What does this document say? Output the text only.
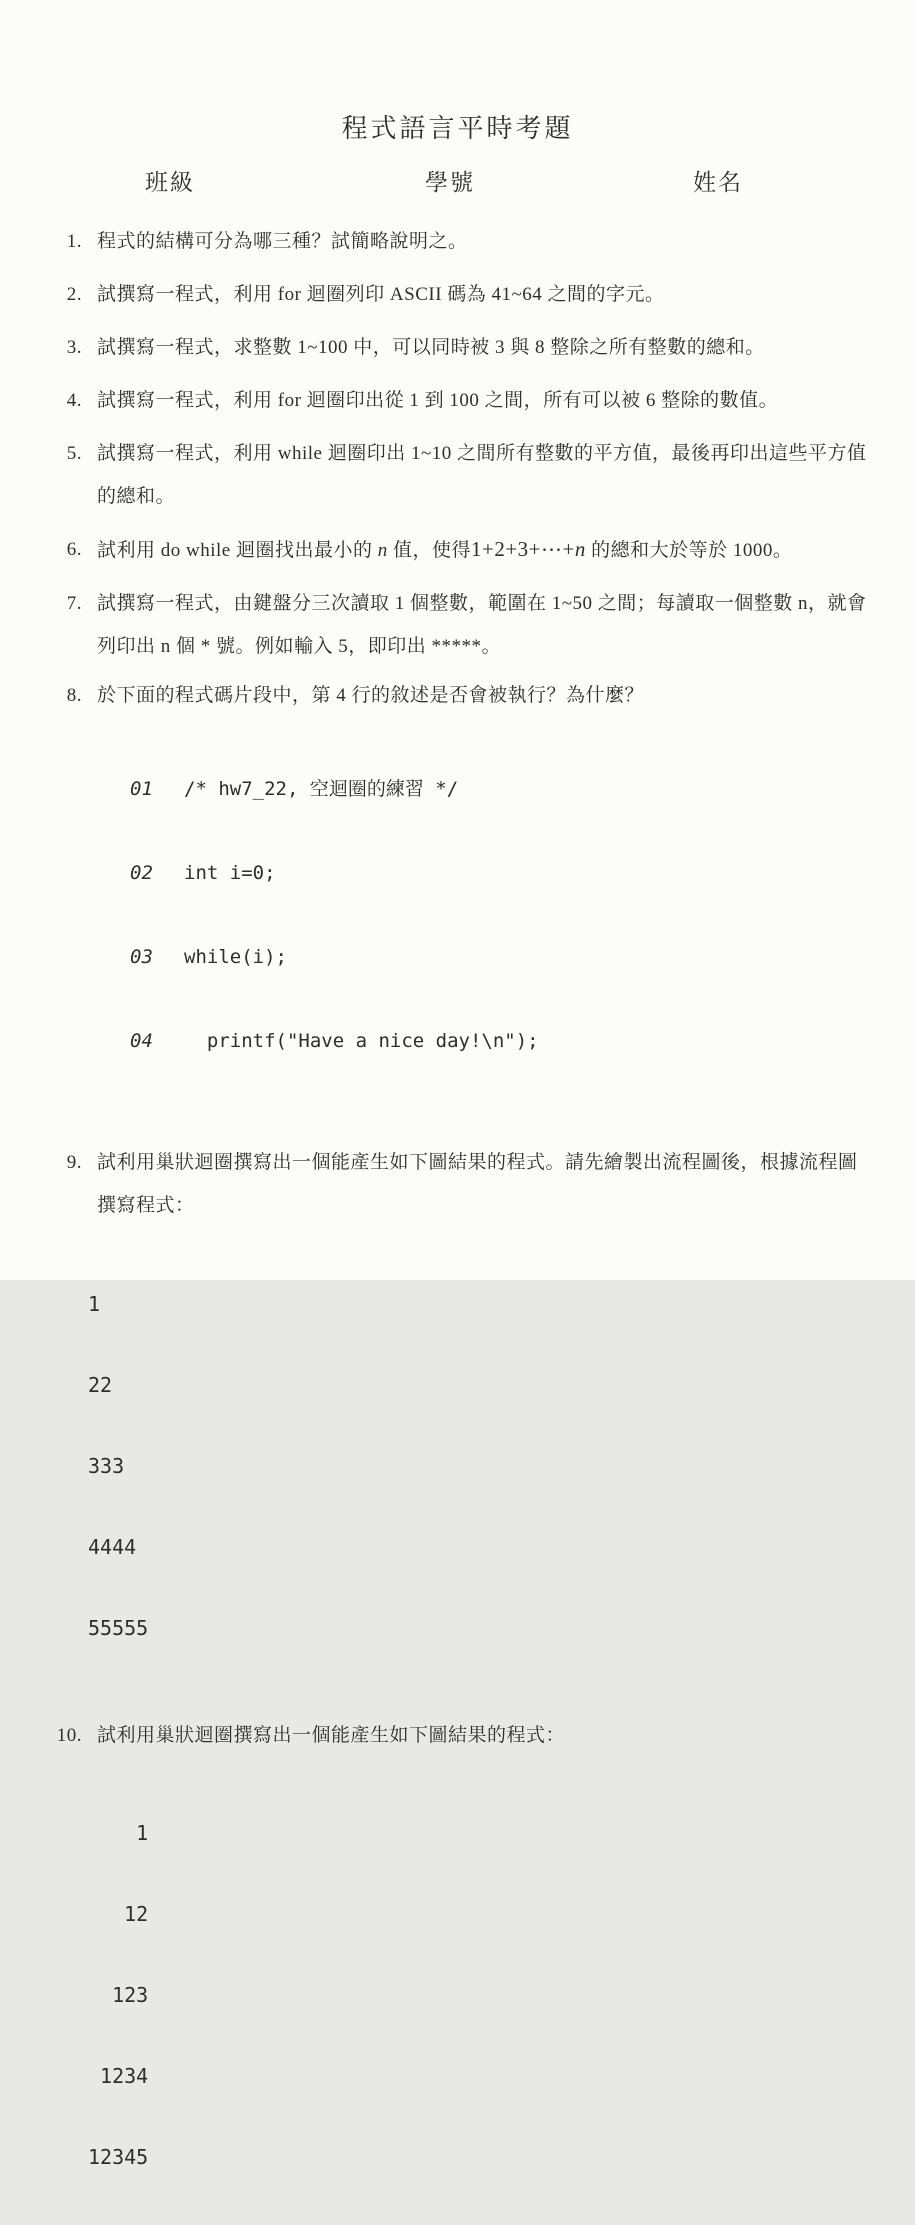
程式語言平時考題
班級	學號	姓名
1. 程式的結構可分為哪三種？試簡略說明之。
2. 試撰寫一程式，利用 for 迴圈列印 ASCII 碼為 41~64 之間的字元。
3. 試撰寫一程式，求整數 1~100 中，可以同時被 3 與 8 整除之所有整數的總和。
4. 試撰寫一程式，利用 for 迴圈印出從 1 到 100 之間，所有可以被 6 整除的數值。
5. 試撰寫一程式，利用 while 迴圈印出 1~10 之間所有整數的平方值，最後再印出這些平方值的總和。
6. 試利用 do while 迴圈找出最小的 n 值，使得1+2+3+⋯+n 的總和大於等於 1000。
7. 試撰寫一程式，由鍵盤分三次讀取 1 個整數，範圍在 1~50 之間；每讀取一個整數 n，就會列印出 n 個 * 號。例如輸入 5，即印出 *****。
8. 於下面的程式碼片段中，第 4 行的敘述是否會被執行？為什麼？

01 /* hw7_22, 空迴圈的練習 */

02 int i=0;

03 while(i);

04 printf("Have a nice day!\n");

9. 試利用巢狀迴圈撰寫出一個能產生如下圖結果的程式。請先繪製出流程圖後，根據流程圖撰寫程式：

1

22

333

4444

55555

10. 試利用巢狀迴圈撰寫出一個能產生如下圖結果的程式：

1

12

123

1234

12345
